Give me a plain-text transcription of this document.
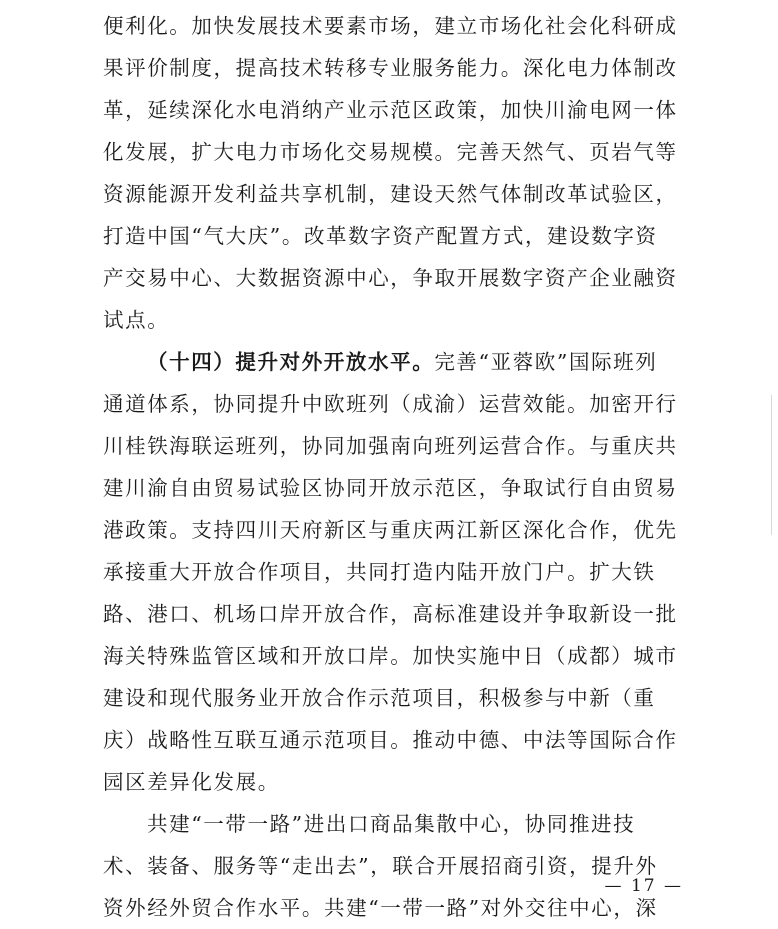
便利化。加快发展技术要素市场，建立市场化社会化科研成
果评价制度，提高技术转移专业服务能力。深化电力体制改
革，延续深化水电消纳产业示范区政策，加快川渝电网一体
化发展，扩大电力市场化交易规模。完善天然气、页岩气等
资源能源开发利益共享机制，建设天然气体制改革试验区，
打造中国“气大庆”。改革数字资产配置方式，建设数字资
产交易中心、大数据资源中心，争取开展数字资产企业融资
试点。
（十四）提升对外开放水平。完善“亚蓉欧”国际班列
通道体系，协同提升中欧班列（成渝）运营效能。加密开行
川桂铁海联运班列，协同加强南向班列运营合作。与重庆共
建川渝自由贸易试验区协同开放示范区，争取试行自由贸易
港政策。支持四川天府新区与重庆两江新区深化合作，优先
承接重大开放合作项目，共同打造内陆开放门户。扩大铁
路、港口、机场口岸开放合作，高标准建设并争取新设一批
海关特殊监管区域和开放口岸。加快实施中日（成都）城市
建设和现代服务业开放合作示范项目，积极参与中新（重
庆）战略性互联互通示范项目。推动中德、中法等国际合作
园区差异化发展。
共建“一带一路”进出口商品集散中心，协同推进技
术、装备、服务等“走出去”，联合开展招商引资，提升外
资外经外贸合作水平。共建“一带一路”对外交往中心，深
— 17 —
